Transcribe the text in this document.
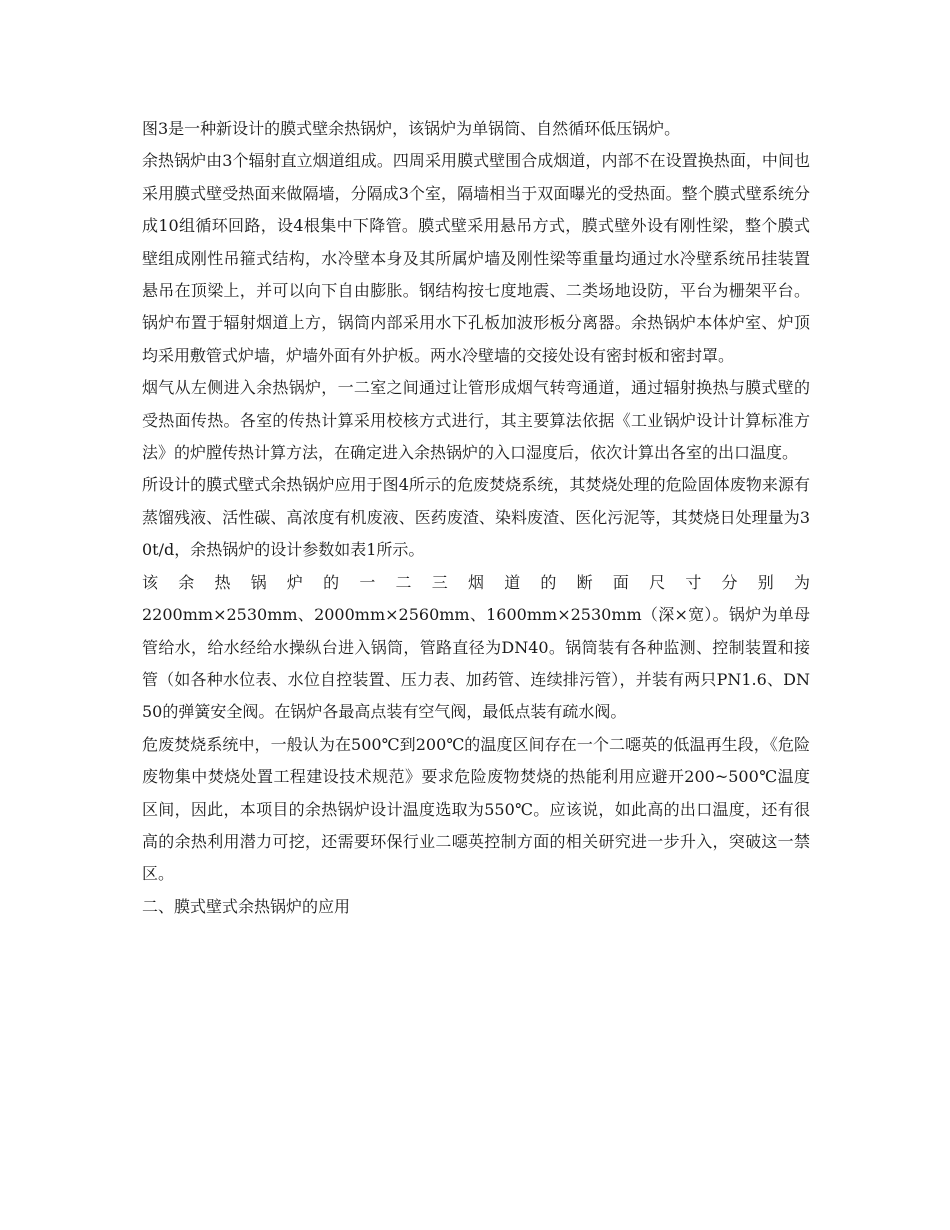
图3是一种新设计的膜式壁余热锅炉，该锅炉为单锅筒、自然循环低压锅炉。

余热锅炉由3个辐射直立烟道组成。四周采用膜式壁围合成烟道，内部不在设置换热面，中间也采用膜式壁受热面来做隔墙，分隔成3个室，隔墙相当于双面曝光的受热面。整个膜式壁系统分成10组循环回路，设4根集中下降管。膜式壁采用悬吊方式，膜式壁外设有刚性梁，整个膜式壁组成刚性吊箍式结构，水冷壁本身及其所属炉墙及刚性梁等重量均通过水冷壁系统吊挂装置悬吊在顶梁上，并可以向下自由膨胀。钢结构按七度地震、二类场地设防，平台为栅架平台。锅炉布置于辐射烟道上方，锅筒内部采用水下孔板加波形板分离器。余热锅炉本体炉室、炉顶均采用敷管式炉墙，炉墙外面有外护板。两水冷壁墙的交接处设有密封板和密封罩。

烟气从左侧进入余热锅炉，一二室之间通过让管形成烟气转弯通道，通过辐射换热与膜式壁的受热面传热。各室的传热计算采用校核方式进行，其主要算法依据《工业锅炉设计计算标准方法》的炉膛传热计算方法，在确定进入余热锅炉的入口湿度后，依次计算出各室的出口温度。

所设计的膜式壁式余热锅炉应用于图4所示的危废焚烧系统，其焚烧处理的危险固体废物来源有蒸馏残液、活性碳、高浓度有机废液、医药废渣、染料废渣、医化污泥等，其焚烧日处理量为30t/d，余热锅炉的设计参数如表1所示。

该余热锅炉的一二三烟道的断面尺寸分别为

2200mm×2530mm、2000mm×2560mm、1600mm×2530mm（深×宽）。锅炉为单母管给水，给水经给水操纵台进入锅筒，管路直径为DN40。锅筒装有各种监测、控制装置和接管（如各种水位表、水位自控装置、压力表、加药管、连续排污管），并装有两只PN1.6、DN50的弹簧安全阀。在锅炉各最高点装有空气阀，最低点装有疏水阀。

危废焚烧系统中，一般认为在500℃到200℃的温度区间存在一个二噁英的低温再生段，《危险废物集中焚烧处置工程建设技术规范》要求危险废物焚烧的热能利用应避开200~500℃温度区间，因此，本项目的余热锅炉设计温度选取为550℃。应该说，如此高的出口温度，还有很高的余热利用潜力可挖，还需要环保行业二噁英控制方面的相关研究进一步升入，突破这一禁区。

二、膜式壁式余热锅炉的应用
